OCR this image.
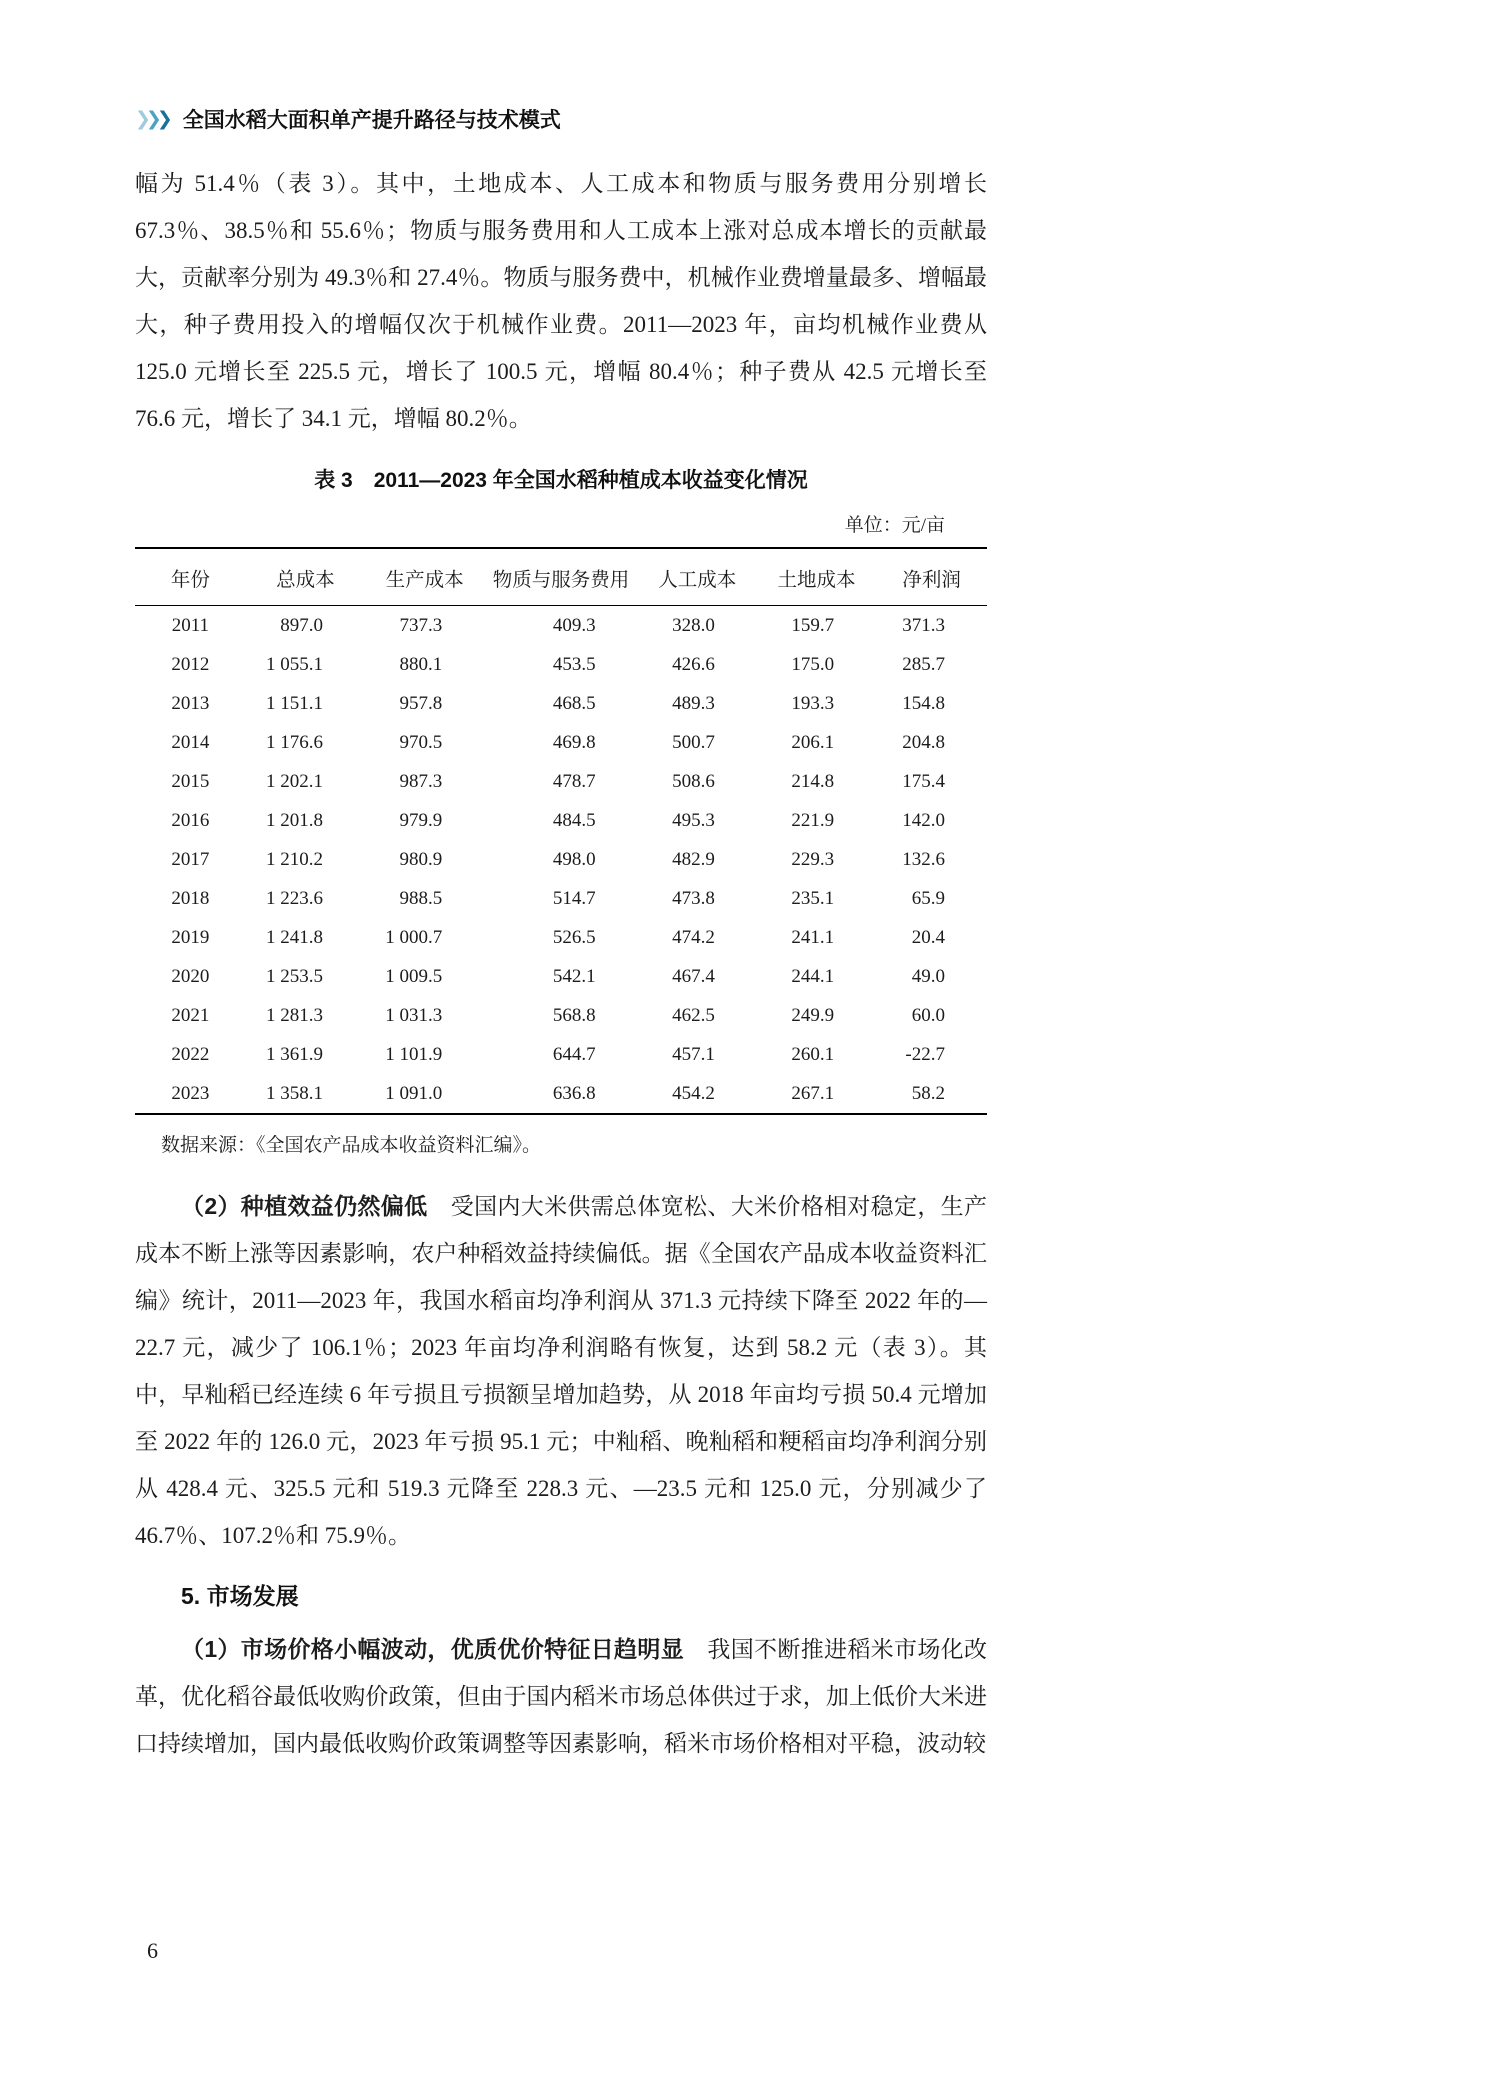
❯ ❯ ❯ 全国水稻大面积单产提升路径与技术模式

幅为 51.4％（表 3）。其中，土地成本、人工成本和物质与服务费用分别增长 67.3％、38.5％和 55.6％；物质与服务费用和人工成本上涨对总成本增长的贡献最大，贡献率分别为 49.3％和 27.4％。物质与服务费中，机械作业费增量最多、增幅最大，种子费用投入的增幅仅次于机械作业费。2011—2023 年，亩均机械作业费从 125.0 元增长至 225.5 元，增长了 100.5 元，增幅 80.4％；种子费从 42.5 元增长至 76.6 元，增长了 34.1 元，增幅 80.2％。

表 3　2011—2023 年全国水稻种植成本收益变化情况
单位：元/亩
年份	总成本	生产成本	物质与服务费用	人工成本	土地成本	净利润
2011	897.0	737.3	409.3	328.0	159.7	371.3
2012	1 055.1	880.1	453.5	426.6	175.0	285.7
2013	1 151.1	957.8	468.5	489.3	193.3	154.8
2014	1 176.6	970.5	469.8	500.7	206.1	204.8
2015	1 202.1	987.3	478.7	508.6	214.8	175.4
2016	1 201.8	979.9	484.5	495.3	221.9	142.0
2017	1 210.2	980.9	498.0	482.9	229.3	132.6
2018	1 223.6	988.5	514.7	473.8	235.1	65.9
2019	1 241.8	1 000.7	526.5	474.2	241.1	20.4
2020	1 253.5	1 009.5	542.1	467.4	244.1	49.0
2021	1 281.3	1 031.3	568.8	462.5	249.9	60.0
2022	1 361.9	1 101.9	644.7	457.1	260.1	-22.7
2023	1 358.1	1 091.0	636.8	454.2	267.1	58.2
数据来源：《全国农产品成本收益资料汇编》。

（2）种植效益仍然偏低　受国内大米供需总体宽松、大米价格相对稳定，生产成本不断上涨等因素影响，农户种稻效益持续偏低。据《全国农产品成本收益资料汇编》统计，2011—2023 年，我国水稻亩均净利润从 371.3 元持续下降至 2022 年的—22.7 元，减少了 106.1％；2023 年亩均净利润略有恢复，达到 58.2 元（表 3）。其中，早籼稻已经连续 6 年亏损且亏损额呈增加趋势，从 2018 年亩均亏损 50.4 元增加至 2022 年的 126.0 元，2023 年亏损 95.1 元；中籼稻、晚籼稻和粳稻亩均净利润分别从 428.4 元、325.5 元和 519.3 元降至 228.3 元、—23.5 元和 125.0 元，分别减少了 46.7％、107.2％和 75.9％。

5. 市场发展

（1）市场价格小幅波动，优质优价特征日趋明显　我国不断推进稻米市场化改革，优化稻谷最低收购价政策，但由于国内稻米市场总体供过于求，加上低价大米进口持续增加，国内最低收购价政策调整等因素影响，稻米市场价格相对平稳，波动较

6
